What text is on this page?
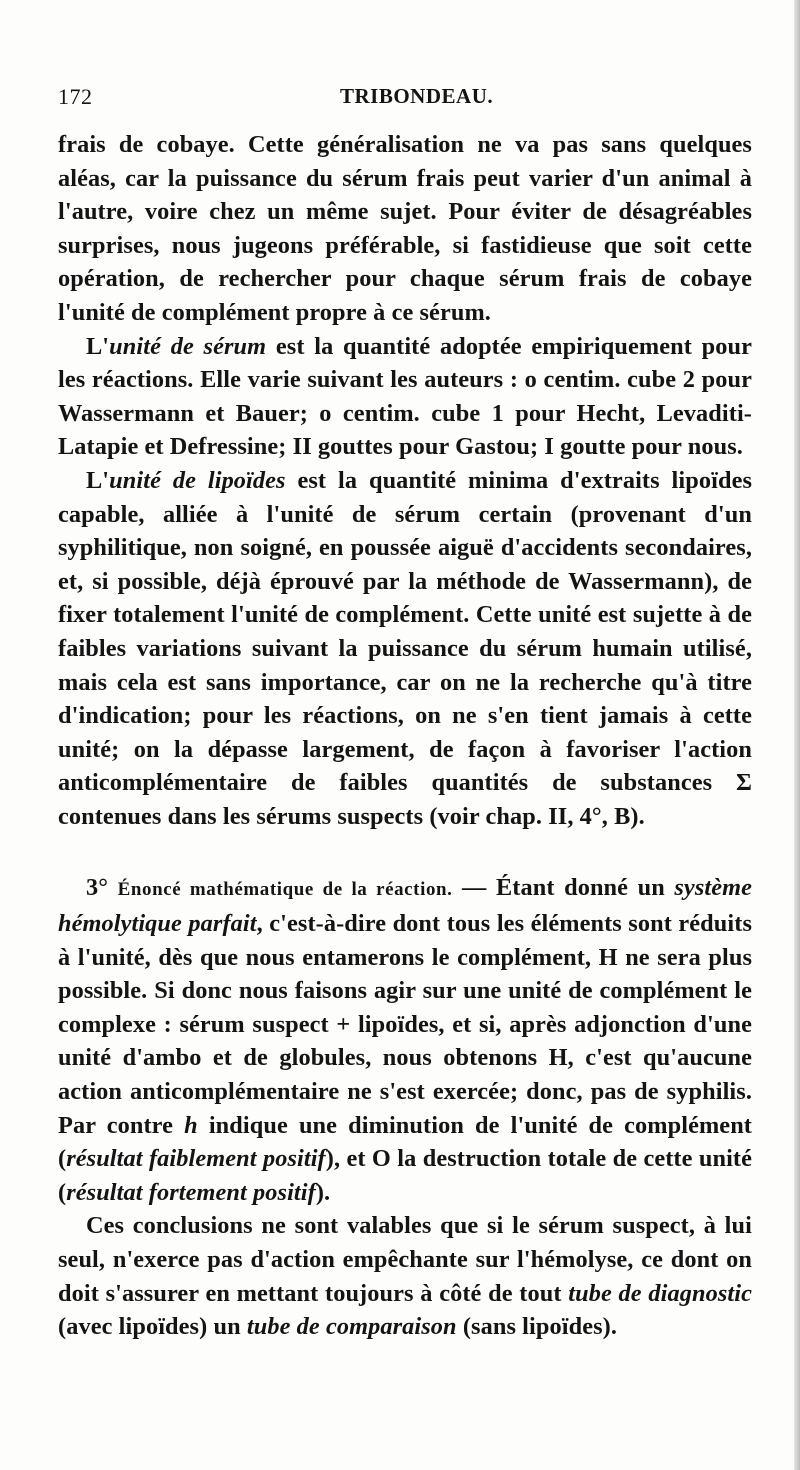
172	TRIBONDEAU.

frais de cobaye. Cette généralisation ne va pas sans quelques aléas, car la puissance du sérum frais peut varier d'un animal à l'autre, voire chez un même sujet. Pour éviter de désagréables surprises, nous jugeons préférable, si fastidieuse que soit cette opération, de rechercher pour chaque sérum frais de cobaye l'unité de complément propre à ce sérum.

L'unité de sérum est la quantité adoptée empiriquement pour les réactions. Elle varie suivant les auteurs : o centim. cube 2 pour Wassermann et Bauer; o centim. cube 1 pour Hecht, Levaditi-Latapie et Defressine; II gouttes pour Gastou; I goutte pour nous.

L'unité de lipoïdes est la quantité minima d'extraits lipoïdes capable, alliée à l'unité de sérum certain (provenant d'un syphilitique, non soigné, en poussée aiguë d'accidents secondaires, et, si possible, déjà éprouvé par la méthode de Wassermann), de fixer totalement l'unité de complément. Cette unité est sujette à de faibles variations suivant la puissance du sérum humain utilisé, mais cela est sans importance, car on ne la recherche qu'à titre d'indication; pour les réactions, on ne s'en tient jamais à cette unité; on la dépasse largement, de façon à favoriser l'action anticomplémentaire de faibles quantités de substances Σ contenues dans les sérums suspects (voir chap. II, 4°, B).

3° Énoncé mathématique de la réaction. — Étant donné un système hémolytique parfait, c'est-à-dire dont tous les éléments sont réduits à l'unité, dès que nous entamerons le complément, H ne sera plus possible. Si donc nous faisons agir sur une unité de complément le complexe : sérum suspect + lipoïdes, et si, après adjonction d'une unité d'ambo et de globules, nous obtenons H, c'est qu'aucune action anticomplémentaire ne s'est exercée; donc, pas de syphilis. Par contre h indique une diminution de l'unité de complément (résultat faiblement positif), et O la destruction totale de cette unité (résultat fortement positif).

Ces conclusions ne sont valables que si le sérum suspect, à lui seul, n'exerce pas d'action empêchante sur l'hémolyse, ce dont on doit s'assurer en mettant toujours à côté de tout tube de diagnostic (avec lipoïdes) un tube de comparaison (sans lipoïdes).
